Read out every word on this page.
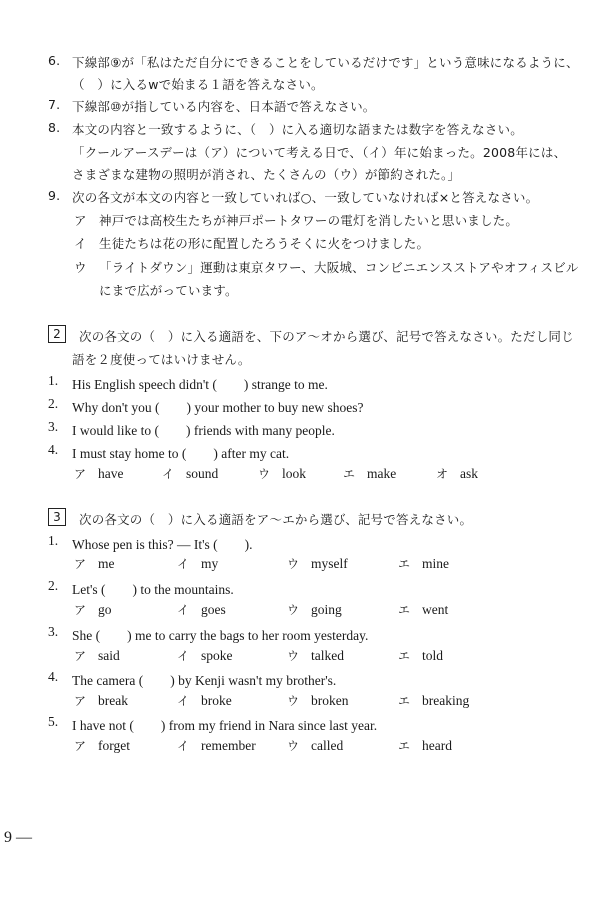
6. 下線部⑨が「私はただ自分にできることをしているだけです」という意味になるように、
（　）に入るwで始まる１語を答えなさい。
7. 下線部⑩が指している内容を、日本語で答えなさい。
8. 本文の内容と一致するように、（　）に入る適切な語または数字を答えなさい。
「クールアースデーは（ア）について考える日で、（イ）年に始まった。2008年には、
さまざまな建物の照明が消され、たくさんの（ウ）が節約された。」
9. 次の各文が本文の内容と一致していれば○、一致していなければ×と答えなさい。
ア 神戸では高校生たちが神戸ポートタワーの電灯を消したいと思いました。
イ 生徒たちは花の形に配置したろうそくに火をつけました。
ウ 「ライトダウン」運動は東京タワー、大阪城、コンビニエンスストアやオフィスビル
にまで広がっています。
2 次の各文の（　）に入る適語を、下のア～オから選び、記号で答えなさい。ただし同じ
語を２度使ってはいけません。
1. His English speech didn't (　　) strange to me.
2. Why don't you (　　) your mother to buy new shoes?
3. I would like to (　　) friends with many people.
4. I must stay home to (　　) after my cat.
ア have	イ sound	ウ look	エ make	オ ask
3 次の各文の（　）に入る適語をア～エから選び、記号で答えなさい。
1. Whose pen is this? — It's (　　).
ア me	イ my	ウ myself	エ mine
2. Let's (　　) to the mountains.
ア go	イ goes	ウ going	エ went
3. She (　　) me to carry the bags to her room yesterday.
ア said	イ spoke	ウ talked	エ told
4. The camera (　　) by Kenji wasn't my brother's.
ア break	イ broke	ウ broken	エ breaking
5. I have not (　　) from my friend in Nara since last year.
ア forget	イ remember	ウ called	エ heard
9 —
